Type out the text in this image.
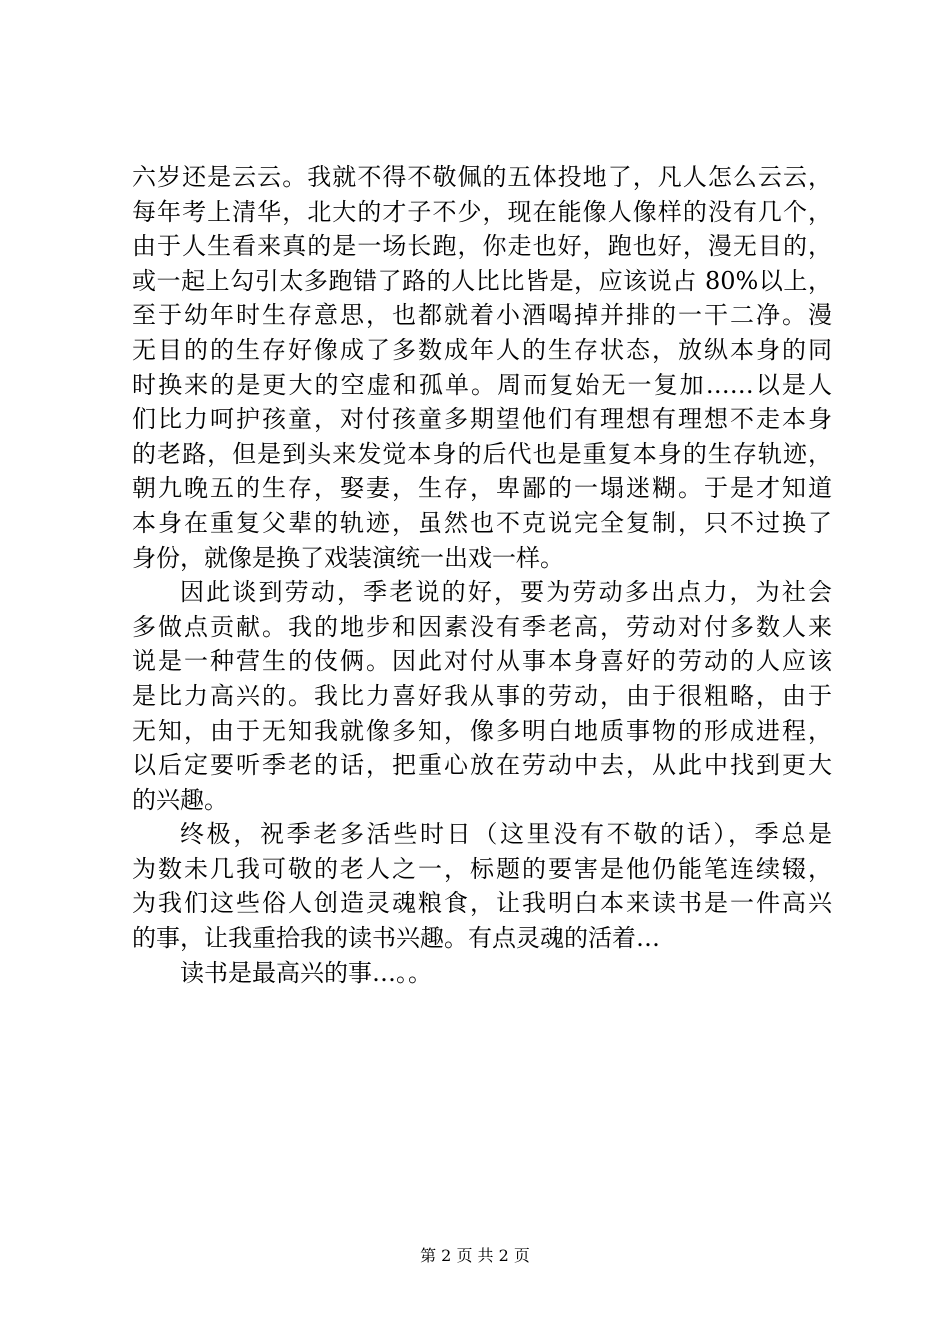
六岁还是云云。我就不得不敬佩的五体投地了，凡人怎么云云，
每年考上清华，北大的才子不少，现在能像人像样的没有几个，
由于人生看来真的是一场长跑，你走也好，跑也好，漫无目的，
或一起上勾引太多跑错了路的人比比皆是，应该说占 80%以上，
至于幼年时生存意思，也都就着小酒喝掉并排的一干二净。漫
无目的的生存好像成了多数成年人的生存状态，放纵本身的同
时换来的是更大的空虚和孤单。周而复始无一复加……以是人
们比力呵护孩童，对付孩童多期望他们有理想有理想不走本身
的老路，但是到头来发觉本身的后代也是重复本身的生存轨迹，
朝九晚五的生存，娶妻，生存，卑鄙的一塌迷糊。于是才知道
本身在重复父辈的轨迹，虽然也不克说完全复制，只不过换了
身份，就像是换了戏装演统一出戏一样。
因此谈到劳动，季老说的好，要为劳动多出点力，为社会
多做点贡献。我的地步和因素没有季老高，劳动对付多数人来
说是一种营生的伎俩。因此对付从事本身喜好的劳动的人应该
是比力高兴的。我比力喜好我从事的劳动，由于很粗略，由于
无知，由于无知我就像多知，像多明白地质事物的形成进程，
以后定要听季老的话，把重心放在劳动中去，从此中找到更大
的兴趣。
终极，祝季老多活些时日（这里没有不敬的话），季总是
为数未几我可敬的老人之一，标题的要害是他仍能笔连续辍，
为我们这些俗人创造灵魂粮食，让我明白本来读书是一件高兴
的事，让我重拾我的读书兴趣。有点灵魂的活着…
读书是最高兴的事…。。
第 2 页 共 2 页
